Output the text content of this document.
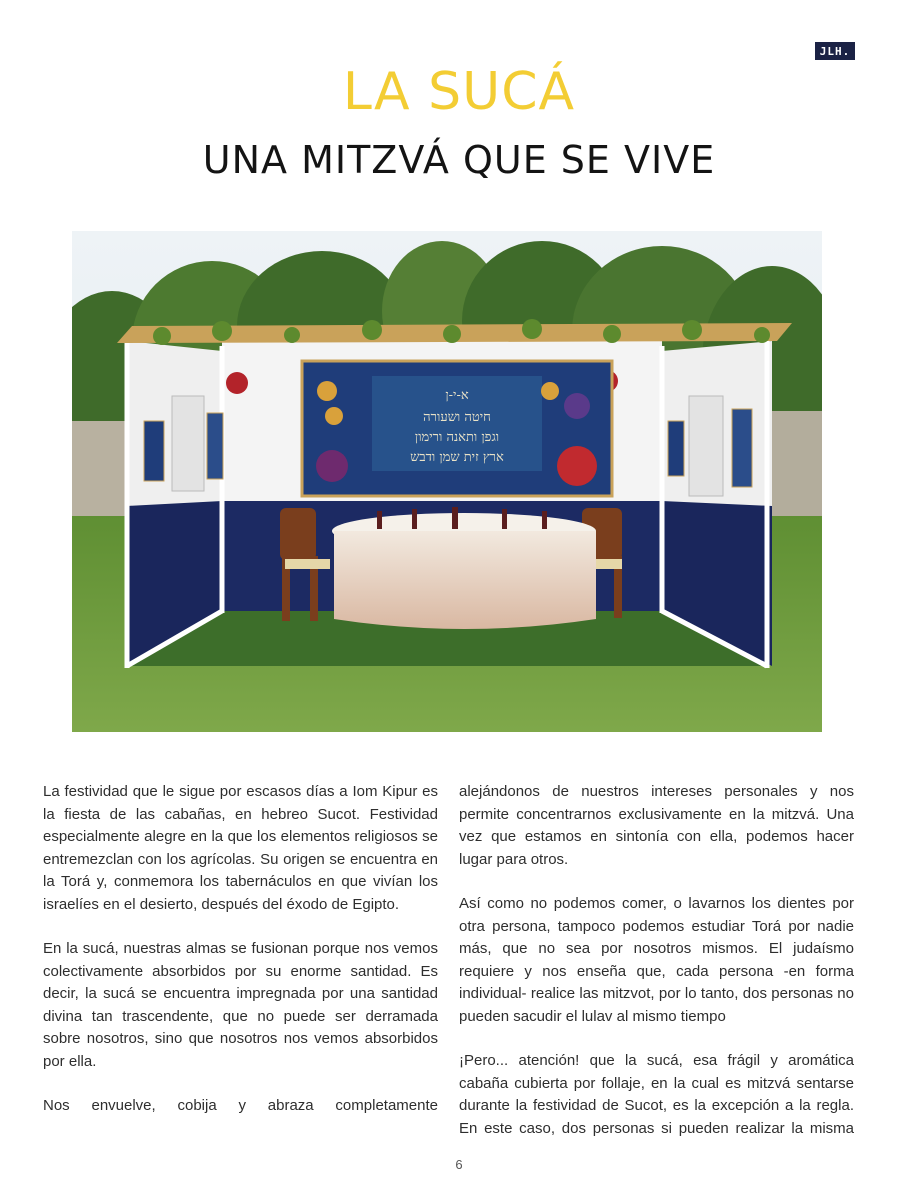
JLH.
LA SUCÁ
UNA MITZVÁ QUE SE VIVE
א-י-ן
חיטה ושעורה
וגפן ותאנה ורימון
ארץ זית שמן ודבש

La festividad que le sigue por escasos días a Iom Kipur es la fiesta de las cabañas, en hebreo Sucot. Festividad especialmente alegre en la que los elementos religiosos se entremezclan con los agrícolas. Su origen se encuentra en la Torá y, conmemora los tabernáculos en que vivían los israelíes en el desierto, después del éxodo de Egipto.

En la sucá, nuestras almas se fusionan porque nos vemos colectivamente absorbidos por su enorme santidad. Es decir, la sucá se encuentra impregnada por una santidad divina tan trascendente, que no puede ser derramada sobre nosotros, sino que nosotros nos vemos absorbidos por ella.

Nos envuelve, cobija y abraza completamente

alejándonos de nuestros intereses personales y nos permite concentrarnos exclusivamente en la mitzvá. Una vez que estamos en sintonía con ella, podemos hacer lugar para otros.

Así como no podemos comer, o lavarnos los dientes por otra persona, tampoco podemos estudiar Torá por nadie más, que no sea por nosotros mismos. El judaísmo requiere y nos enseña que, cada persona -en forma individual- realice las mitzvot, por lo tanto, dos personas no pueden sacudir el lulav al mismo tiempo

¡Pero... atención! que la sucá, esa frágil y aromática cabaña cubierta por follaje, en la cual es mitzvá sentarse durante la festividad de Sucot, es la excepción a la regla. En este caso, dos personas si pueden realizar la misma

6
